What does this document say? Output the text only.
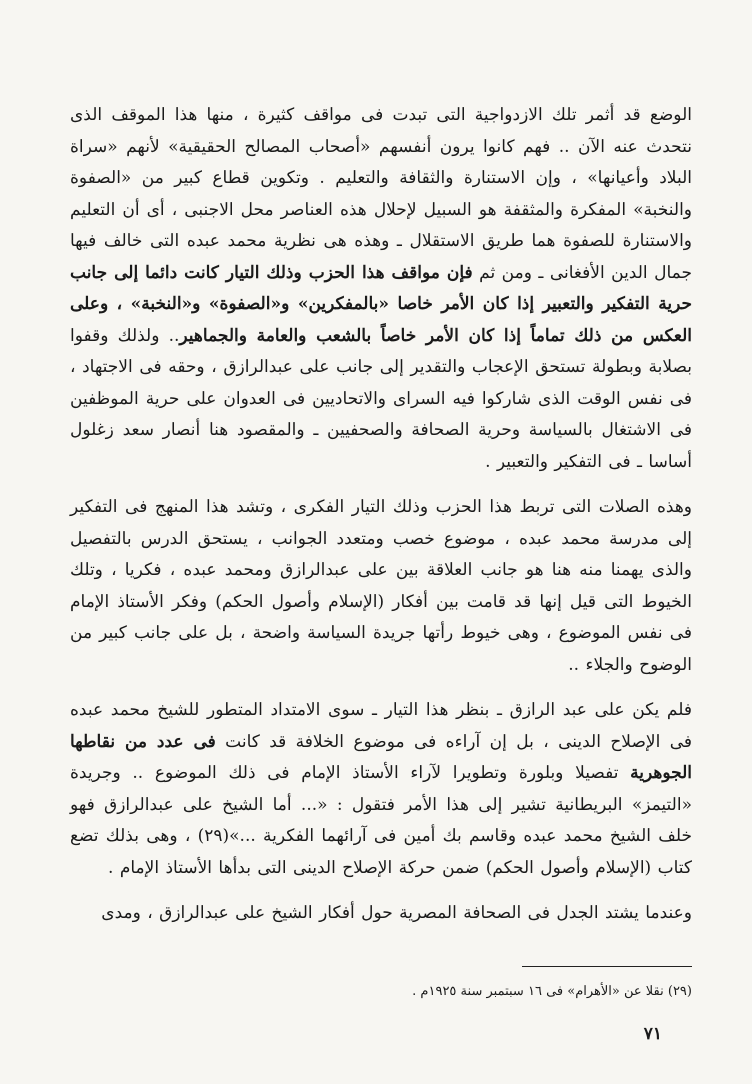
الوضع قد أثمر تلك الازدواجية التى تبدت فى مواقف كثيرة ، منها هذا الموقف الذى نتحدث عنه الآن .. فهم كانوا يرون أنفسهم «أصحاب المصالح الحقيقية» لأنهم «سراة البلاد وأعيانها» ، وإن الاستنارة والثقافة والتعليم . وتكوين قطاع كبير من «الصفوة والنخبة» المفكرة والمثقفة هو السبيل لإحلال هذه العناصر محل الاجنبى ، أى أن التعليم والاستنارة للصفوة هما طريق الاستقلال ـ وهذه هى نظرية محمد عبده التى خالف فيها جمال الدين الأفغانى ـ ومن ثم فإن مواقف هذا الحزب وذلك التيار كانت دائما إلى جانب حرية التفكير والتعبير إذا كان الأمر خاصا «بالمفكرين» و«الصفوة» و«النخبة» ، وعلى العكس من ذلك تماماً إذا كان الأمر خاصاً بالشعب والعامة والجماهير.. ولذلك وقفوا بصلابة وبطولة تستحق الإعجاب والتقدير إلى جانب على عبدالرازق ، وحقه فى الاجتهاد ، فى نفس الوقت الذى شاركوا فيه السراى والاتحاديين فى العدوان على حرية الموظفين فى الاشتغال بالسياسة وحرية الصحافة والصحفيين ـ والمقصود هنا أنصار سعد زغلول أساسا ـ فى التفكير والتعبير .

وهذه الصلات التى تربط هذا الحزب وذلك التيار الفكرى ، وتشد هذا المنهج فى التفكير إلى مدرسة محمد عبده ، موضوع خصب ومتعدد الجوانب ، يستحق الدرس بالتفصيل والذى يهمنا منه هنا هو جانب العلاقة بين على عبدالرازق ومحمد عبده ، فكريا ، وتلك الخيوط التى قيل إنها قد قامت بين أفكار (الإسلام وأصول الحكم) وفكر الأستاذ الإمام فى نفس الموضوع ، وهى خيوط رأتها جريدة السياسة واضحة ، بل على جانب كبير من الوضوح والجلاء ..

فلم يكن على عبد الرازق ـ بنظر هذا التيار ـ سوى الامتداد المتطور للشيخ محمد عبده فى الإصلاح الدينى ، بل إن آراءه فى موضوع الخلافة قد كانت فى عدد من نقاطها الجوهرية تفصيلا وبلورة وتطويرا لآراء الأستاذ الإمام فى ذلك الموضوع .. وجريدة «التيمز» البريطانية تشير إلى هذا الأمر فتقول : «... أما الشيخ على عبدالرازق فهو خلف الشيخ محمد عبده وقاسم بك أمين فى آرائهما الفكرية ...»(٢٩) ، وهى بذلك تضع كتاب (الإسلام وأصول الحكم) ضمن حركة الإصلاح الدينى التى بدأها الأستاذ الإمام .

وعندما يشتد الجدل فى الصحافة المصرية حول أفكار الشيخ على عبدالرازق ، ومدى

(٢٩) نقلا عن «الأهرام» فى ١٦ سبتمبر سنة ١٩٢٥م .
٧١
